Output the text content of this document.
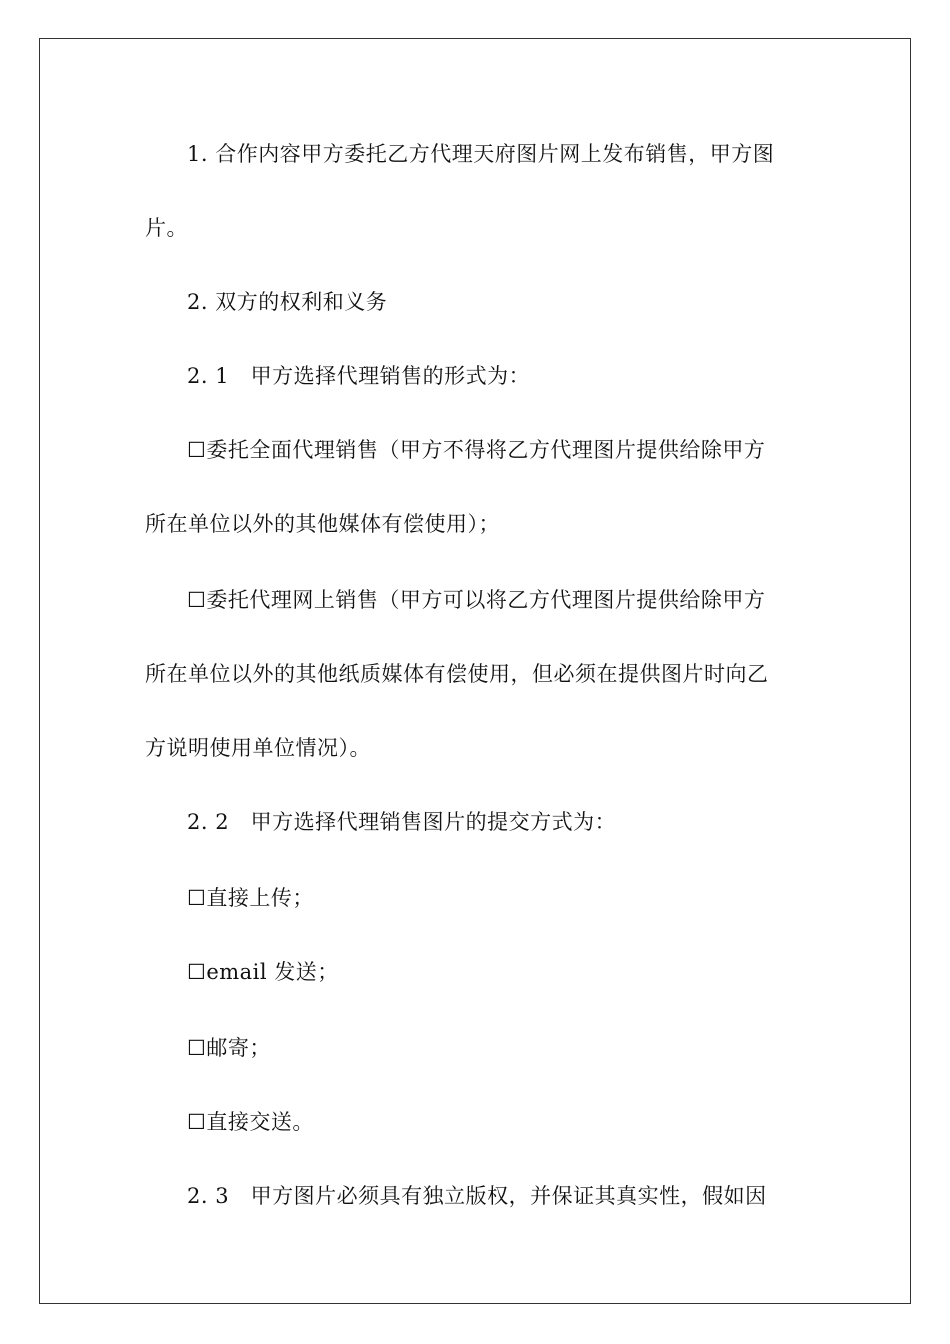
1. 合作内容甲方委托乙方代理天府图片网上发布销售，甲方图
片。
2. 双方的权利和义务
2. 1　甲方选择代理销售的形式为：
☐委托全面代理销售（甲方不得将乙方代理图片提供给除甲方
所在单位以外的其他媒体有偿使用）；
☐委托代理网上销售（甲方可以将乙方代理图片提供给除甲方
所在单位以外的其他纸质媒体有偿使用，但必须在提供图片时向乙
方说明使用单位情况）。
2. 2　甲方选择代理销售图片的提交方式为：
☐直接上传；
☐email 发送；
☐邮寄；
☐直接交送。
2. 3　甲方图片必须具有独立版权，并保证其真实性，假如因
